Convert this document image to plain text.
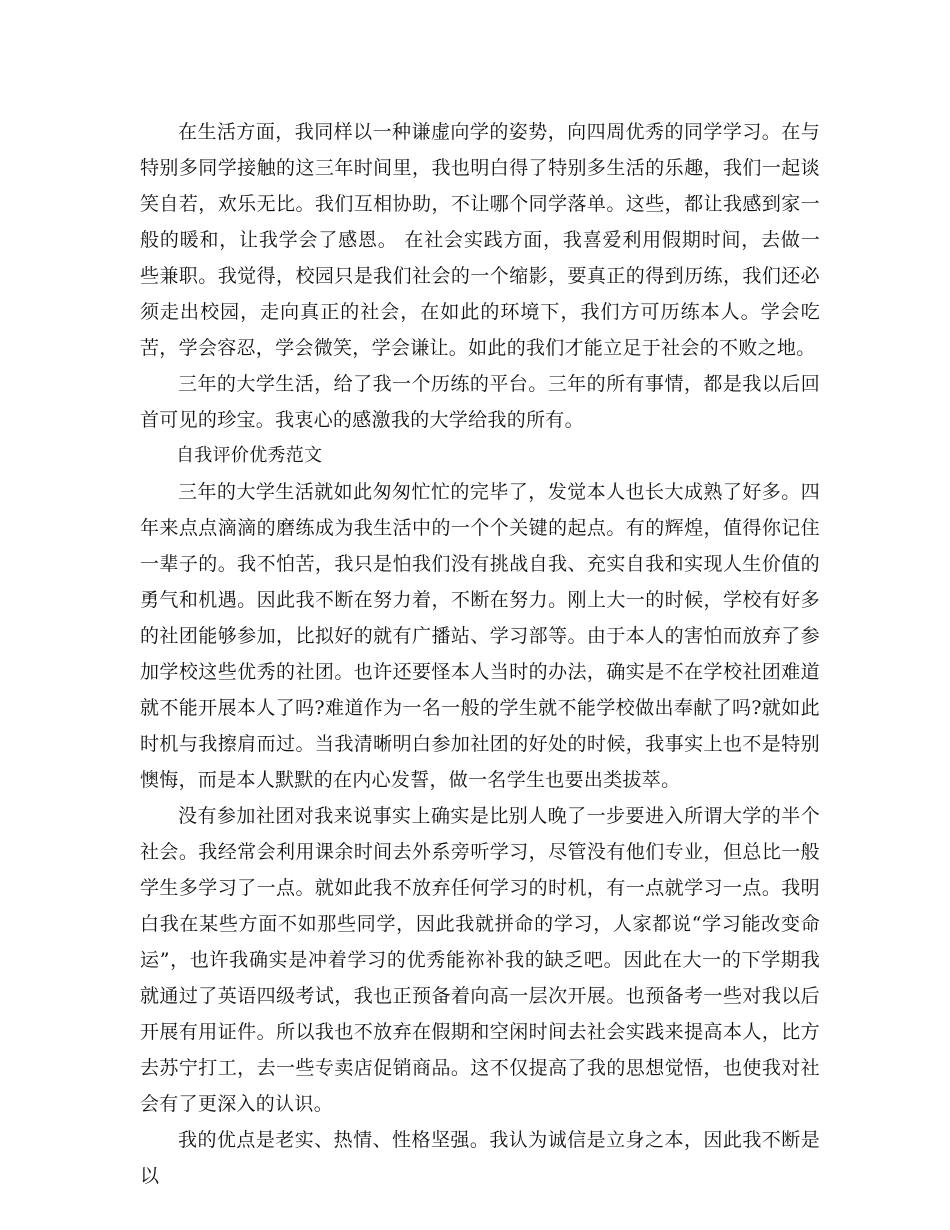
在生活方面，我同样以一种谦虚向学的姿势，向四周优秀的同学学习。在与特别多同学接触的这三年时间里，我也明白得了特别多生活的乐趣，我们一起谈笑自若，欢乐无比。我们互相协助，不让哪个同学落单。这些，都让我感到家一般的暖和，让我学会了感恩。 在社会实践方面，我喜爱利用假期时间，去做一些兼职。我觉得，校园只是我们社会的一个缩影，要真正的得到历练，我们还必须走出校园，走向真正的社会，在如此的环境下，我们方可历练本人。学会吃苦，学会容忍，学会微笑，学会谦让。如此的我们才能立足于社会的不败之地。

三年的大学生活，给了我一个历练的平台。三年的所有事情，都是我以后回首可见的珍宝。我衷心的感激我的大学给我的所有。

自我评价优秀范文

三年的大学生活就如此匆匆忙忙的完毕了，发觉本人也长大成熟了好多。四年来点点滴滴的磨练成为我生活中的一个个关键的起点。有的辉煌，值得你记住一辈子的。我不怕苦，我只是怕我们没有挑战自我、充实自我和实现人生价值的勇气和机遇。因此我不断在努力着，不断在努力。刚上大一的时候，学校有好多的社团能够参加，比拟好的就有广播站、学习部等。由于本人的害怕而放弃了参加学校这些优秀的社团。也许还要怪本人当时的办法，确实是不在学校社团难道就不能开展本人了吗?难道作为一名一般的学生就不能学校做出奉献了吗?就如此时机与我擦肩而过。当我清晰明白参加社团的好处的时候，我事实上也不是特别懊悔，而是本人默默的在内心发誓，做一名学生也要出类拔萃。

没有参加社团对我来说事实上确实是比别人晚了一步要进入所谓大学的半个社会。我经常会利用课余时间去外系旁听学习，尽管没有他们专业，但总比一般学生多学习了一点。就如此我不放弃任何学习的时机，有一点就学习一点。我明白我在某些方面不如那些同学，因此我就拼命的学习，人家都说“学习能改变命运”，也许我确实是冲着学习的优秀能祢补我的缺乏吧。因此在大一的下学期我就通过了英语四级考试，我也正预备着向高一层次开展。也预备考一些对我以后开展有用证件。所以我也不放弃在假期和空闲时间去社会实践来提高本人，比方去苏宁打工，去一些专卖店促销商品。这不仅提高了我的思想觉悟，也使我对社会有了更深入的认识。

我的优点是老实、热情、性格坚强。我认为诚信是立身之本，因此我不断是以
